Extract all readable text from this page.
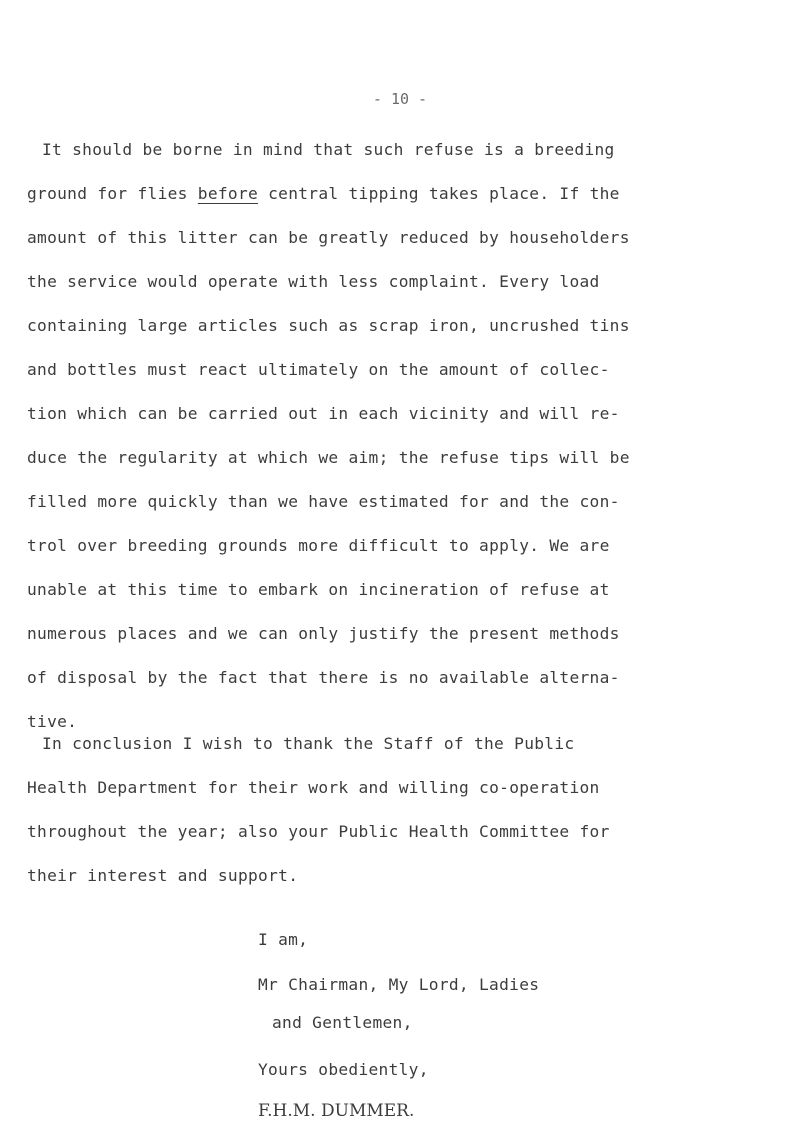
- 10 -

It should be borne in mind that such refuse is a breeding

ground for flies before central tipping takes place. If the

amount of this litter can be greatly reduced by householders

the service would operate with less complaint. Every load

containing large articles such as scrap iron, uncrushed tins

and bottles must react ultimately on the amount of collec-

tion which can be carried out in each vicinity and will re-

duce the regularity at which we aim; the refuse tips will be

filled more quickly than we have estimated for and the con-

trol over breeding grounds more difficult to apply. We are

unable at this time to embark on incineration of refuse at

numerous places and we can only justify the present methods

of disposal by the fact that there is no available alterna-

In conclusion I wish to thank the Staff of the Public

Health Department for their work and willing co-operation

throughout the year; also your Public Health Committee for

their interest and support.

I am,

Mr Chairman, My Lord, Ladies

and Gentlemen,

Yours obediently,

F.H.M. DUMMER.

tive.
